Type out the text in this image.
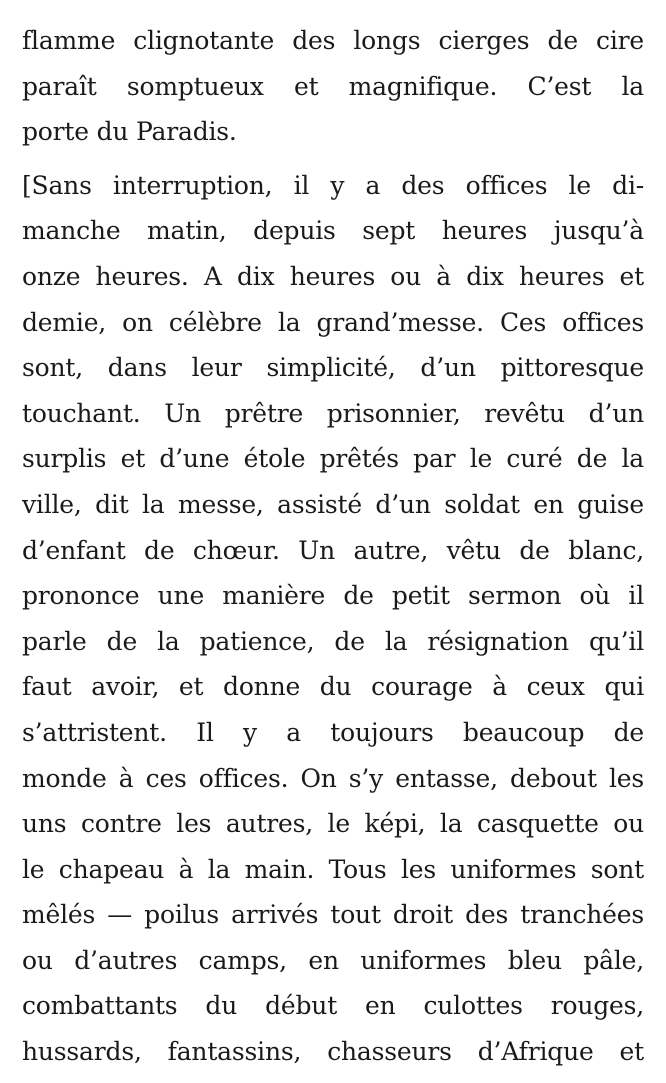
flamme clignotante des longs cierges de cire
paraît somptueux et magnifique. C’est la
porte du Paradis.
[Sans interruption, il y a des offices le di-
manche matin, depuis sept heures jusqu’à
onze heures. A dix heures ou à dix heures et
demie, on célèbre la grand’messe. Ces offices
sont, dans leur simplicité, d’un pittoresque
touchant. Un prêtre prisonnier, revêtu d’un
surplis et d’une étole prêtés par le curé de la
ville, dit la messe, assisté d’un soldat en guise
d’enfant de chœur. Un autre, vêtu de blanc,
prononce une manière de petit sermon où il
parle de la patience, de la résignation qu’il
faut avoir, et donne du courage à ceux qui
s’attristent. Il y a toujours beaucoup de
monde à ces offices. On s’y entasse, debout les
uns contre les autres, le képi, la casquette ou
le chapeau à la main. Tous les uniformes sont
mêlés — poilus arrivés tout droit des tranchées
ou d’autres camps, en uniformes bleu pâle,
combattants du début en culottes rouges,
hussards, fantassins, chasseurs d’Afrique et
